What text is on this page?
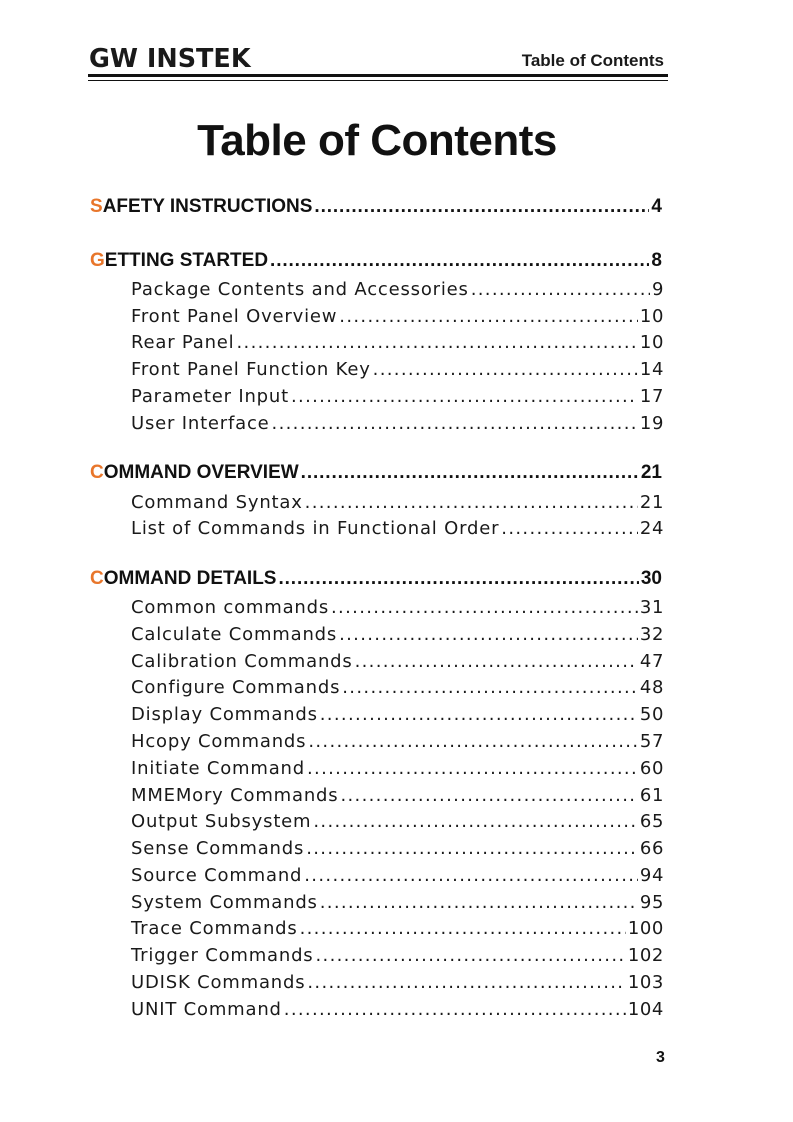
GW INSTEK	Table of Contents
Table of Contents
SAFETY INSTRUCTIONS . . .	4
GETTING STARTED . . .	8
Package Contents and Accessories . . .	9
Front Panel Overview . . .	10
Rear Panel . . .	10
Front Panel Function Key . . .	14
Parameter Input . . .	17
User Interface . . .	19
COMMAND OVERVIEW . . .	21
Command Syntax . . .	21
List of Commands in Functional Order . . .	24
COMMAND DETAILS . . .	30
Common commands . . .	31
Calculate Commands . . .	32
Calibration Commands . . .	47
Configure Commands . . .	48
Display Commands . . .	50
Hcopy Commands . . .	57
Initiate Command . . .	60
MMEMory Commands . . .	61
Output Subsystem . . .	65
Sense Commands . . .	66
Source Command . . .	94
System Commands . . .	95
Trace Commands . . .	100
Trigger Commands . . .	102
UDISK Commands . . .	103
UNIT Command . . .	104
3
